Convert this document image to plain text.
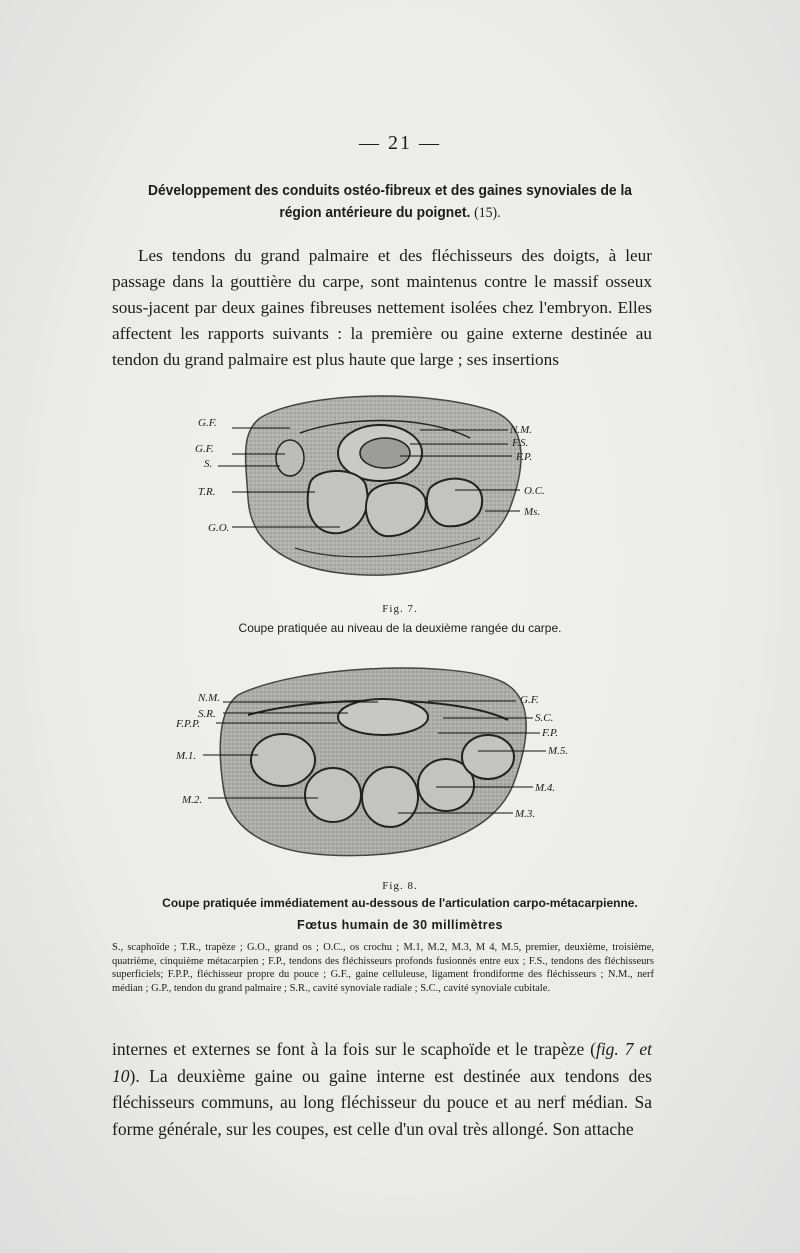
— 21 —
Développement des conduits ostéo-fibreux et des gaines synoviales de la région antérieure du poignet. (15).
Les tendons du grand palmaire et des fléchisseurs des doigts, à leur passage dans la gouttière du carpe, sont maintenus contre le massif osseux sous-jacent par deux gaines fibreuses nettement isolées chez l'embryon. Elles affectent les rapports suivants : la première ou gaine externe destinée au tendon du grand palmaire est plus haute que large ; ses insertions
G.F.
G.F.
S.
T.R.
G.O.
N.M.
F.S.
F.P.
O.C.
Ms.
Fig. 7.
Coupe pratiquée au niveau de la deuxième rangée du carpe.
N.M.
S.R.
F.P.P.
M.1.
M.2.
G.F.
S.C.
F.P.
M.5.
M.4.
M.3.
Fig. 8.
Coupe pratiquée immédiatement au-dessous de l'articulation carpo-métacarpienne.
Fœtus humain de 30 millimètres
S., scaphoïde ; T.R., trapèze ; G.O., grand os ; O.C., os crochu ; M.1, M.2, M.3, M 4, M.5, premier, deuxième, troisième, quatrième, cinquième métacarpien ; F.P., tendons des fléchisseurs profonds fusionnés entre eux ; F.S., tendons des fléchisseurs superficiels; F.P.P., fléchisseur propre du pouce ; G.F., gaine celluleuse, ligament frondiforme des fléchisseurs ; N.M., nerf médian ; G.P., tendon du grand palmaire ; S.R., cavité synoviale radiale ; S.C., cavité synoviale cubitale.
internes et externes se font à la fois sur le scaphoïde et le trapèze (fig. 7 et 10). La deuxième gaine ou gaine interne est destinée aux tendons des fléchisseurs communs, au long fléchisseur du pouce et au nerf médian. Sa forme générale, sur les coupes, est celle d'un oval très allongé. Son attache
